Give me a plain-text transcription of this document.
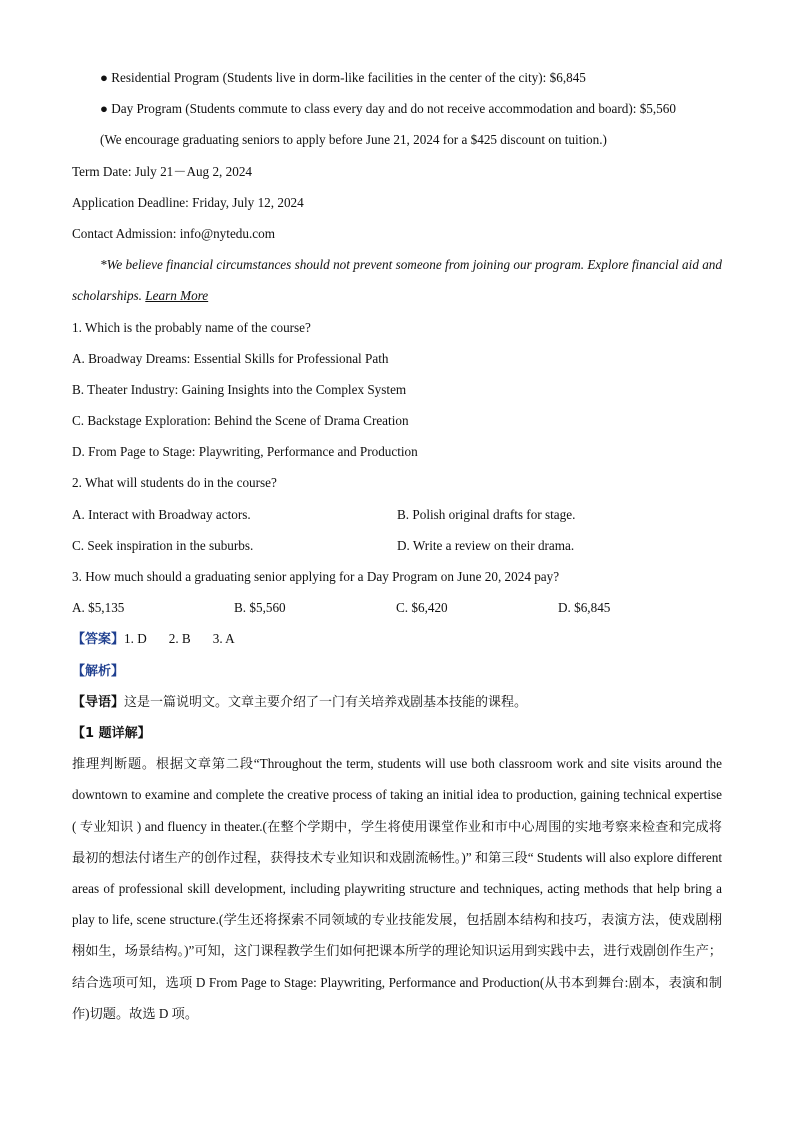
● Residential Program (Students live in dorm-like facilities in the center of the city): $6,845
● Day Program (Students commute to class every day and do not receive accommodation and board): $5,560
(We encourage graduating seniors to apply before June 21, 2024 for a $425 discount on tuition.)
Term Date: July 21－Aug 2, 2024
Application Deadline: Friday, July 12, 2024
Contact Admission: info@nytedu.com
*We believe financial circumstances should not prevent someone from joining our program. Explore financial aid and scholarships. Learn More
1. Which is the probably name of the course?
A. Broadway Dreams: Essential Skills for Professional Path
B. Theater Industry: Gaining Insights into the Complex System
C. Backstage Exploration: Behind the Scene of Drama Creation
D. From Page to Stage: Playwriting, Performance and Production
2. What will students do in the course?
A. Interact with Broadway actors.	B. Polish original drafts for stage.
C. Seek inspiration in the suburbs.	D. Write a review on their drama.
3. How much should a graduating senior applying for a Day Program on June 20, 2024 pay?
A. $5,135	B. $5,560	C. $6,420	D. $6,845
【答案】1. D 2. B 3. A
【解析】
【导语】这是一篇说明文。文章主要介绍了一门有关培养戏剧基本技能的课程。
【1 题详解】
推理判断题。根据文章第二段“Throughout the term, students will use both classroom work and site visits around the downtown to examine and complete the creative process of taking an initial idea to production, gaining technical expertise ( 专业知识 ) and fluency in theater.(在整个学期中，学生将使用课堂作业和市中心周围的实地考察来检查和完成将最初的想法付诸生产的创作过程，获得技术专业知识和戏剧流畅性。)” 和第三段“ Students will also explore different areas of professional skill development, including playwriting structure and techniques, acting methods that help bring a play to life, scene structure.(学生还将探索不同领域的专业技能发展，包括剧本结构和技巧，表演方法，使戏剧栩栩如生，场景结构。)”可知，这门课程教学生们如何把课本所学的理论知识运用到实践中去，进行戏剧创作生产；结合选项可知，选项 D From Page to Stage: Playwriting, Performance and Production(从书本到舞台:剧本，表演和制作)切题。故选 D 项。
